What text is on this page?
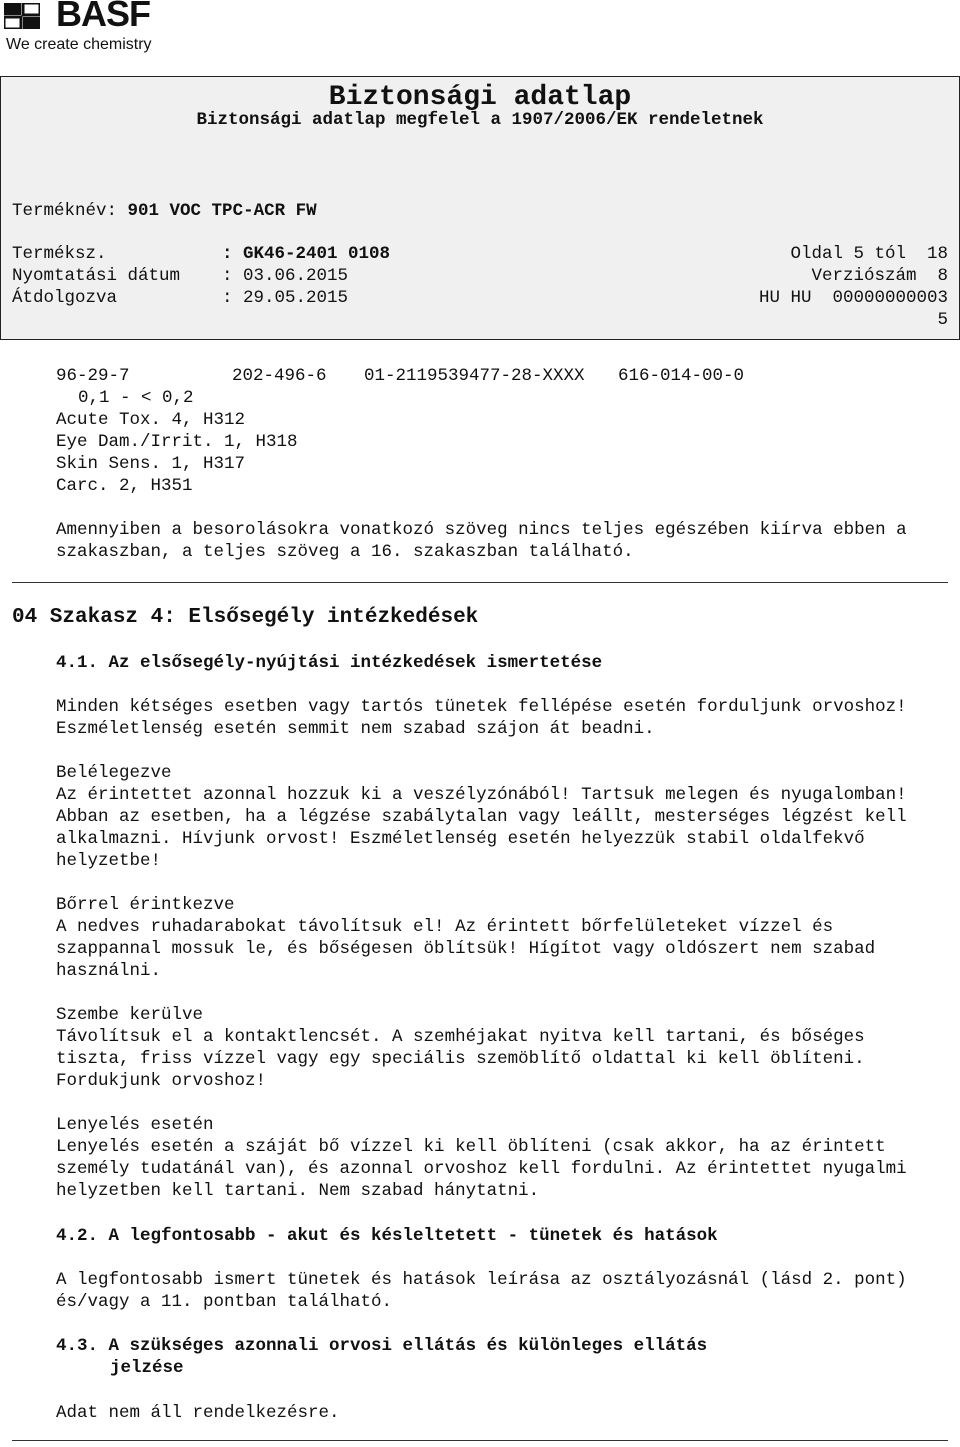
BASF
We create chemistry
Biztonsági adatlap
Biztonsági adatlap megfelel a 1907/2006/EK rendeletnek
Terméknév: 901 VOC TPC-ACR FW
Terméksz.	: GK46-2401 0108	Oldal 5 tól  18
Nyomtatási dátum : 03.06.2015	Verziószám  8
Átdolgozva	: 29.05.2015	HU HU  00000000003
5
96-29-7	202-496-6 01-2119539477-28-XXXX 616-014-00-0
0,1 - < 0,2
Acute Tox. 4, H312
Eye Dam./Irrit. 1, H318
Skin Sens. 1, H317
Carc. 2, H351
Amennyiben a besorolásokra vonatkozó szöveg nincs teljes egészében kiírva ebben a
szakaszban, a teljes szöveg a 16. szakaszban található.
04 Szakasz 4: Elsősegély intézkedések
4.1. Az elsősegély-nyújtási intézkedések ismertetése
Minden kétséges esetben vagy tartós tünetek fellépése esetén forduljunk orvoshoz!
Eszméletlenség esetén semmit nem szabad szájon át beadni.
Belélegezve
Az érintettet azonnal hozzuk ki a veszélyzónából! Tartsuk melegen és nyugalomban!
Abban az esetben, ha a légzése szabálytalan vagy leállt, mesterséges légzést kell
alkalmazni. Hívjunk orvost! Eszméletlenség esetén helyezzük stabil oldalfekvő
helyzetbe!
Bőrrel érintkezve
A nedves ruhadarabokat távolítsuk el! Az érintett bőrfelületeket vízzel és
szappannal mossuk le, és bőségesen öblítsük! Hígítot vagy oldószert nem szabad
használni.
Szembe kerülve
Távolítsuk el a kontaktlencsét. A szemhéjakat nyitva kell tartani, és bőséges
tiszta, friss vízzel vagy egy speciális szemöblítő oldattal ki kell öblíteni.
Fordukjunk orvoshoz!
Lenyelés esetén
Lenyelés esetén a száját bő vízzel ki kell öblíteni (csak akkor, ha az érintett
személy tudatánál van), és azonnal orvoshoz kell fordulni. Az érintettet nyugalmi
helyzetben kell tartani. Nem szabad hánytatni.
4.2. A legfontosabb - akut és késleltetett - tünetek és hatások
A legfontosabb ismert tünetek és hatások leírása az osztályozásnál (lásd 2. pont)
és/vagy a 11. pontban található.
4.3. A szükséges azonnali orvosi ellátás és különleges ellátás
jelzése
Adat nem áll rendelkezésre.
